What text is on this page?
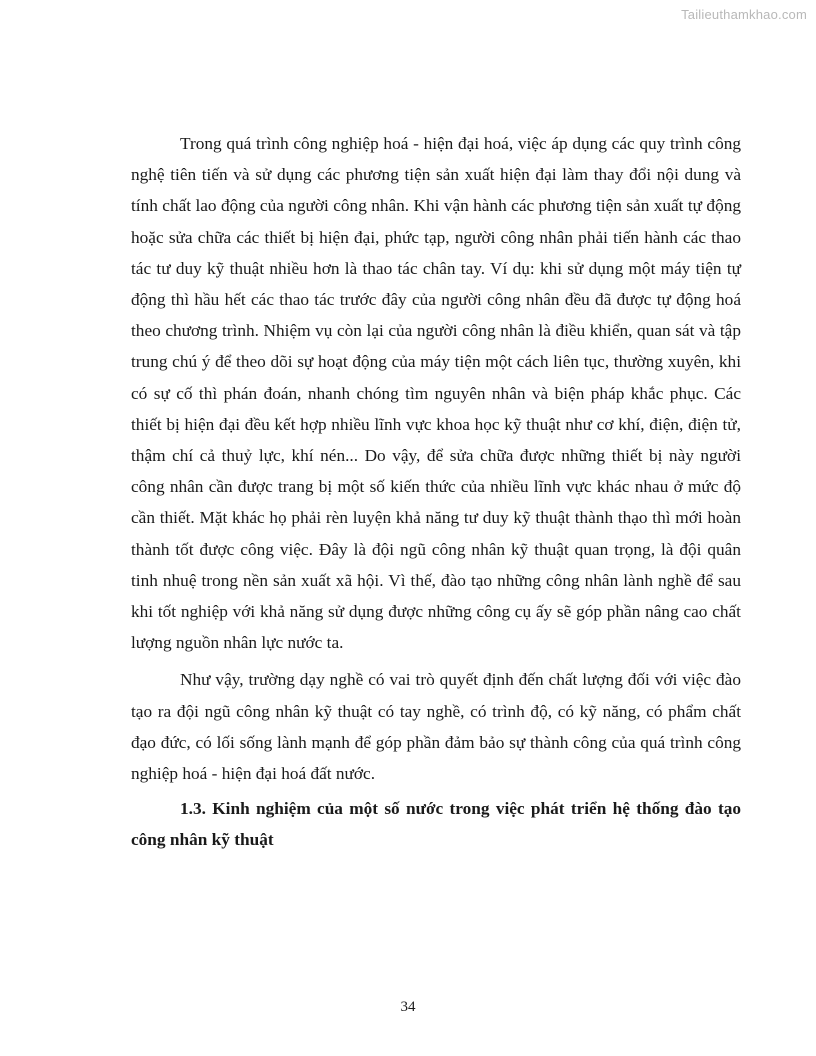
Tailieuthamkhao.com

Trong quá trình công nghiệp hoá - hiện đại hoá, việc áp dụng các quy trình công nghệ tiên tiến và sử dụng các phương tiện sản xuất hiện đại làm thay đổi nội dung và tính chất lao động của người công nhân. Khi vận hành các phương tiện sản xuất tự động hoặc sửa chữa các thiết bị hiện đại, phức tạp, người công nhân phải tiến hành các thao tác tư duy kỹ thuật nhiều hơn là thao tác chân tay. Ví dụ: khi sử dụng một máy tiện tự động thì hầu hết các thao tác trước đây của người công nhân đều đã được tự động hoá theo chương trình. Nhiệm vụ còn lại của người công nhân là điều khiển, quan sát và tập trung chú ý để theo dõi sự hoạt động của máy tiện một cách liên tục, thường xuyên, khi có sự cố thì phán đoán, nhanh chóng tìm nguyên nhân và biện pháp khắc phục. Các thiết bị hiện đại đều kết hợp nhiều lĩnh vực khoa học kỹ thuật như cơ khí, điện, điện tử, thậm chí cả thuỷ lực, khí nén... Do vậy, để sửa chữa được những thiết bị này người công nhân cần được trang bị một số kiến thức của nhiều lĩnh vực khác nhau ở mức độ cần thiết. Mặt khác họ phải rèn luyện khả năng tư duy kỹ thuật thành thạo thì mới hoàn thành tốt được công việc. Đây là đội ngũ công nhân kỹ thuật quan trọng, là đội quân tinh nhuệ trong nền sản xuất xã hội. Vì thế, đào tạo những công nhân lành nghề để sau khi tốt nghiệp với khả năng sử dụng được những công cụ ấy sẽ góp phần nâng cao chất lượng nguồn nhân lực nước ta.

Như vậy, trường dạy nghề có vai trò quyết định đến chất lượng đối với việc đào tạo ra đội ngũ công nhân kỹ thuật có tay nghề, có trình độ, có kỹ năng, có phẩm chất đạo đức, có lối sống lành mạnh để góp phần đảm bảo sự thành công của quá trình công nghiệp hoá - hiện đại hoá đất nước.

1.3. Kinh nghiệm của một số nước trong việc phát triển hệ thống đào tạo công nhân kỹ thuật

34
